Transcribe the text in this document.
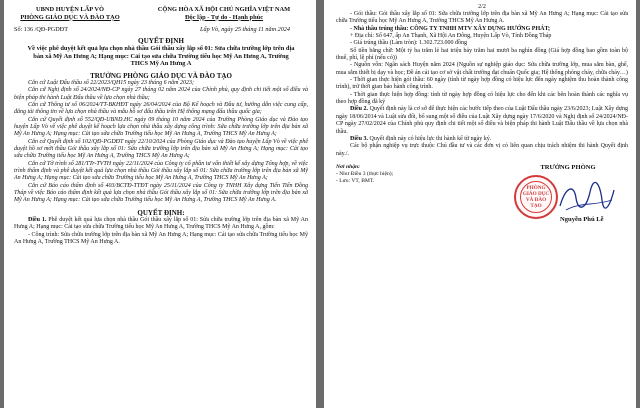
UBND HUYỆN LẤP VÒ
PHÒNG GIÁO DỤC VÀ ĐÀO TẠO
CỘNG HÒA XÃ HỘI CHỦ NGHĨA VIỆT NAM
Độc lập - Tự do - Hạnh phúc
Số: 136 /QĐ-PGDĐT	Lấp Vò, ngày 25 tháng 11 năm 2024
QUYẾT ĐỊNH
Về việc phê duyệt kết quả lựa chọn nhà thầu Gói thầu xây lắp số 01: Sửa chữa trường lớp trên địa bàn xã Mỹ An Hưng A; Hạng mục: Cải tạo sửa chữa Trường tiểu học Mỹ An Hưng A, Trường THCS Mỹ An Hưng A
TRƯỞNG PHÒNG GIÁO DỤC VÀ ĐÀO TẠO

Căn cứ Luật Đấu thầu số 22/2023/QH15 ngày 23 tháng 6 năm 2023;

Căn cứ Nghị định số 24/2024/NĐ-CP ngày 27 tháng 02 năm 2024 của Chính phủ, quy định chi tiết một số điều và biện pháp thi hành Luật Đấu thầu về lựa chọn nhà thầu;

Căn cứ Thông tư số 06/2024/TT-BKHĐT ngày 26/04/2024 của Bộ Kế hoạch và Đầu tư, hướng dẫn việc cung cấp, đăng tải thông tin về lựa chọn nhà thầu và mẫu hồ sơ đấu thầu trên Hệ thống mạng đấu thầu quốc gia;

Căn cứ Quyết định số 552/QĐ-UBND.HC ngày 09 tháng 10 năm 2024 của Trường Phòng Giáo dục và Đào tạo huyện Lấp Vò về việc phê duyệt kế hoạch lựa chọn nhà thầu xây dựng công trình: Sửa chữa trường lớp trên địa bàn xã Mỹ An Hưng A; Hạng mục: Cải tạo sửa chữa Trường tiểu học Mỹ An Hưng A, Trường THCS Mỹ An Hưng A;

Căn cứ Quyết định số 102/QĐ-PGDĐT ngày 22/10/2024 của Phòng Giáo dục và Đào tạo huyện Lấp Vò về việc phê duyệt hồ sơ mời thầu Gói thầu xây lắp số 01: Sửa chữa trường lớp trên địa bàn xã Mỹ An Hưng A; Hạng mục: Cải tạo sửa chữa Trường tiểu học Mỹ An Hưng A, Trường THCS Mỹ An Hưng A;

Căn cứ Tờ trình số 281/TTr-TVTH ngày 22/11/2024 của Công ty cổ phần tư vấn thiết kế xây dựng Tổng hợp, về việc trình thẩm định và phê duyệt kết quả lựa chọn nhà thầu Gói thầu xây lắp số 01: Sửa chữa trường lớp trên địa bàn xã Mỹ An Hưng A; Hạng mục: Cải tạo sửa chữa Trường tiểu học Mỹ An Hưng A, Trường THCS Mỹ An Hưng A;

Căn cứ Báo cáo thẩm định số 403/BCTĐ-TTĐT ngày 25/11/2024 của Công ty TNHH Xây dựng Tiến Tiến Đồng Tháp về việc Báo cáo thẩm định kết quả lựa chọn nhà thầu Gói thầu xây lắp số 01: Sửa chữa trường lớp trên địa bàn xã Mỹ An Hưng A; Hạng mục: Cải tạo sửa chữa Trường tiểu học Mỹ An Hưng A, Trường THCS Mỹ An Hưng A.

QUYẾT ĐỊNH:

Điều 1. Phê duyệt kết quả lựa chọn nhà thầu Gói thầu xây lắp số 01: Sửa chữa trường lớp trên địa bàn xã Mỹ An Hưng A; Hạng mục: Cải tạo sửa chữa Trường tiểu học Mỹ An Hưng A, Trường THCS Mỹ An Hưng A, gồm:

- Công trình: Sửa chữa trường lớp trên địa bàn xã Mỹ An Hưng A; Hạng mục: Cải tạo sửa chữa Trường tiểu học Mỹ An Hưng A, Trường THCS Mỹ An Hưng A.

2/2

- Gói thầu: Gói thầu xây lắp số 01: Sửa chữa trường lớp trên địa bàn xã Mỹ An Hưng A; Hạng mục: Cải tạo sửa chữa Trường tiểu học Mỹ An Hưng A, Trường THCS Mỹ An Hưng A.

- Nhà thầu trúng thầu: CÔNG TY TNHH MTV XÂY DỰNG HƯỚNG PHÁT;

+ Địa chỉ: Số 647, ấp An Thạnh, Xã Hội An Đông, Huyện Lấp Vò, Tỉnh Đồng Tháp

- Giá trúng thầu (Làm tròn): 1.302.723.000 đồng

Số tiền bằng chữ: Một tỷ ba trăm lẻ hai triệu bảy trăm hai mươi ba nghìn đồng (Giá hợp đồng bao gồm toàn bộ thuế, phí, lệ phí (nếu có))

- Nguồn vốn: Ngân sách Huyện năm 2024 (Nguồn sự nghiệp giáo dục: Sửa chữa trường lớp, mua sắm bàn, ghế, mua sắm thiết bị dạy và học; Đề án cải tạo cơ sở vật chất trường đạt chuẩn Quốc gia; Hệ thống phòng cháy, chữa cháy…)

- Thời gian thực hiện gói thầu: 60 ngày (tính từ ngày hợp đồng có hiệu lực đến ngày nghiệm thu hoàn thành công trình), trừ thời gian bảo hành công trình.

- Thời gian thực hiện hợp đồng: tính từ ngày hợp đồng có hiệu lực cho đến khi các bên hoàn thành các nghĩa vụ theo hợp đồng đã ký

Điều 2. Quyết định này là cơ sở để thực hiện các bước tiếp theo của Luật Đấu thầu ngày 23/6/2023; Luật Xây dựng ngày 18/06/2014 và Luật sửa đổi, bổ sung một số điều của Luật Xây dựng ngày 17/6/2020 và Nghị định số 24/2024/NĐ-CP ngày 27/02/2024 của Chính phủ quy định chi tiết một số điều và biện pháp thi hành Luật Đấu thầu về lựa chọn nhà thầu.

Điều 3. Quyết định này có hiệu lực thi hành kể từ ngày ký.

Các bộ phận nghiệp vụ trực thuộc Chủ đầu tư và các đơn vị có liên quan chịu trách nhiệm thi hành Quyết định này./.

Nơi nhận:
- Như Điều 3 (thực hiện);
- Lưu: VT, BMT.
TRƯỞNG PHÒNG
PHÒNG GIÁO DỤC VÀ ĐÀO TẠO
Nguyễn Phú Lễ
